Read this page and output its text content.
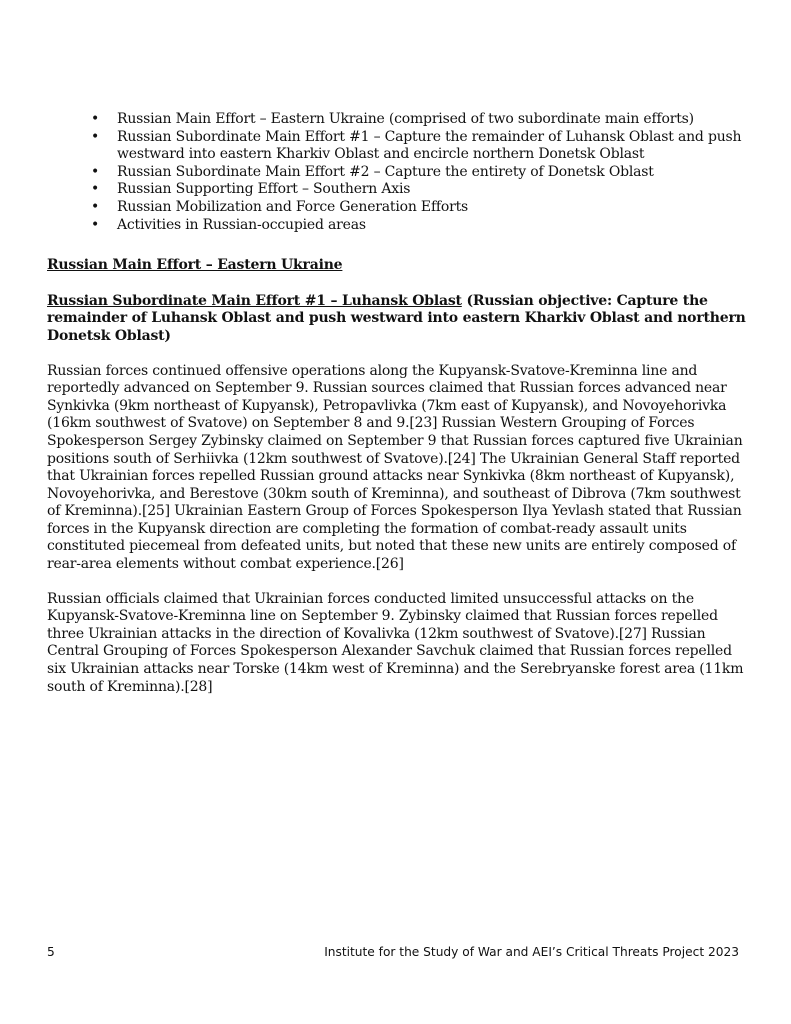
• Russian Main Effort – Eastern Ukraine (comprised of two subordinate main efforts)
• Russian Subordinate Main Effort #1 – Capture the remainder of Luhansk Oblast and push westward into eastern Kharkiv Oblast and encircle northern Donetsk Oblast
• Russian Subordinate Main Effort #2 – Capture the entirety of Donetsk Oblast
• Russian Supporting Effort – Southern Axis
• Russian Mobilization and Force Generation Efforts
• Activities in Russian-occupied areas
Russian Main Effort – Eastern Ukraine
Russian Subordinate Main Effort #1 – Luhansk Oblast (Russian objective: Capture the remainder of Luhansk Oblast and push westward into eastern Kharkiv Oblast and northern Donetsk Oblast)

Russian forces continued offensive operations along the Kupyansk-Svatove-Kreminna line and reportedly advanced on September 9. Russian sources claimed that Russian forces advanced near Synkivka (9km northeast of Kupyansk), Petropavlivka (7km east of Kupyansk), and Novoyehorivka (16km southwest of Svatove) on September 8 and 9.[23] Russian Western Grouping of Forces Spokesperson Sergey Zybinsky claimed on September 9 that Russian forces captured five Ukrainian positions south of Serhiivka (12km southwest of Svatove).[24] The Ukrainian General Staff reported that Ukrainian forces repelled Russian ground attacks near Synkivka (8km northeast of Kupyansk), Novoyehorivka, and Berestove (30km south of Kreminna), and southeast of Dibrova (7km southwest of Kreminna).[25] Ukrainian Eastern Group of Forces Spokesperson Ilya Yevlash stated that Russian forces in the Kupyansk direction are completing the formation of combat-ready assault units constituted piecemeal from defeated units, but noted that these new units are entirely composed of rear-area elements without combat experience.[26]

Russian officials claimed that Ukrainian forces conducted limited unsuccessful attacks on the Kupyansk-Svatove-Kreminna line on September 9. Zybinsky claimed that Russian forces repelled three Ukrainian attacks in the direction of Kovalivka (12km southwest of Svatove).[27] Russian Central Grouping of Forces Spokesperson Alexander Savchuk claimed that Russian forces repelled six Ukrainian attacks near Torske (14km west of Kreminna) and the Serebryanske forest area (11km south of Kreminna).[28]

5	Institute for the Study of War and AEI’s Critical Threats Project 2023
